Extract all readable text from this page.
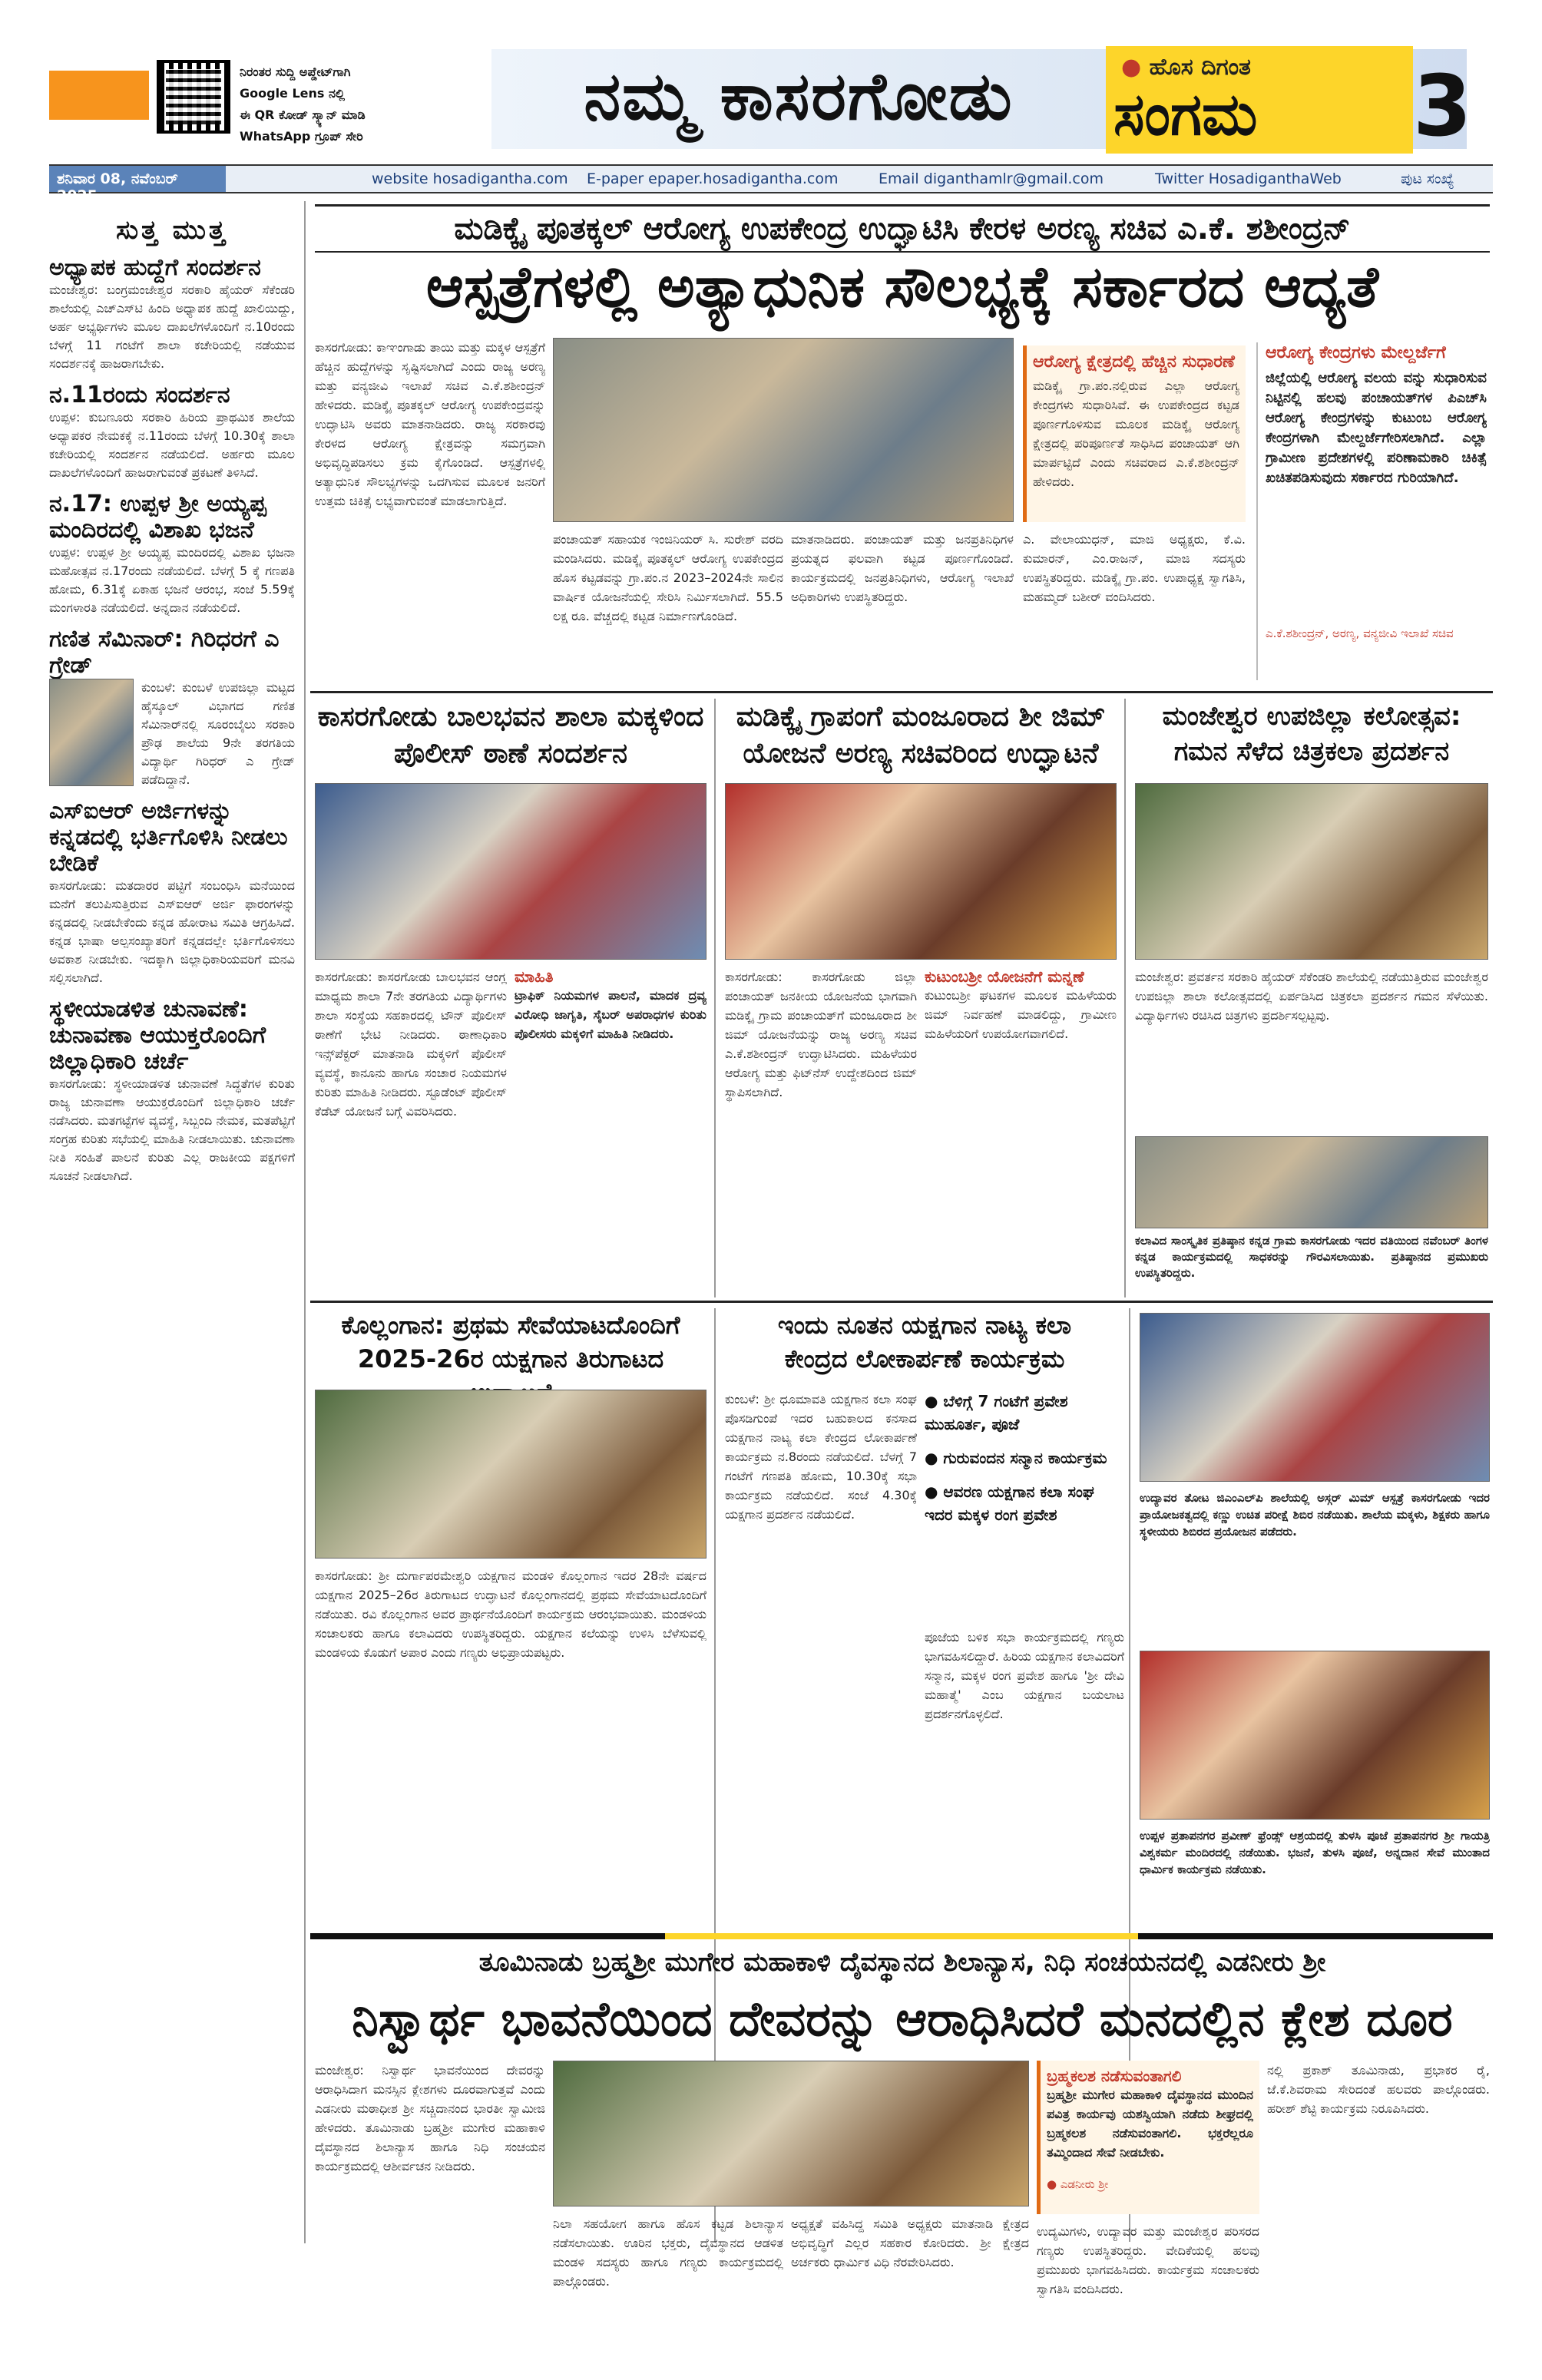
ನಿರಂತರ ಸುದ್ದಿ ಅಪ್ಡೇಟ್‌ಗಾಗಿ
Google Lens ನಲ್ಲಿ
ಈ QR ಕೋಡ್ ಸ್ಕ್ಯಾನ್ ಮಾಡಿ
WhatsApp ಗ್ರೂಪ್ ಸೇರಿ
ನಮ್ಮ ಕಾಸರಗೋಡು	● ಹೊಸ ದಿಗಂತ
ಸಂಗಮ 3
ಶನಿವಾರ 08, ನವೆಂಬರ್ 2025
website hosadigantha.com E-paper epaper.hosadigantha.com	Email diganthamlr@gmail.com	Twitter HosadiganthaWeb	ಪುಟ ಸಂಖ್ಯೆ
ಸುತ್ತ ಮುತ್ತ
ಅಧ್ಯಾಪಕ ಹುದ್ದೆಗೆ ಸಂದರ್ಶನ
ಮಂಜೇಶ್ವರ: ಬಂಗ್ರಮಂಜೇಶ್ವರ ಸರಕಾರಿ ಹೈಯರ್ ಸೆಕೆಂಡರಿ ಶಾಲೆಯಲ್ಲಿ ಎಚ್‌ಎಸ್‌ಟಿ ಹಿಂದಿ ಅಧ್ಯಾಪಕ ಹುದ್ದೆ ಖಾಲಿಯಿದ್ದು, ಅರ್ಹ ಅಭ್ಯರ್ಥಿಗಳು ಮೂಲ ದಾಖಲೆಗಳೊಂದಿಗೆ ನ.10ರಂದು ಬೆಳಗ್ಗೆ 11 ಗಂಟೆಗೆ ಶಾಲಾ ಕಚೇರಿಯಲ್ಲಿ ನಡೆಯುವ ಸಂದರ್ಶನಕ್ಕೆ ಹಾಜರಾಗಬೇಕು.
ನ.11ರಂದು ಸಂದರ್ಶನ
ಉಪ್ಪಳ: ಕುಬಣೂರು ಸರಕಾರಿ ಹಿರಿಯ ಪ್ರಾಥಮಿಕ ಶಾಲೆಯ ಅಧ್ಯಾಪಕರ ನೇಮಕಕ್ಕೆ ನ.11ರಂದು ಬೆಳಗ್ಗೆ 10.30ಕ್ಕೆ ಶಾಲಾ ಕಚೇರಿಯಲ್ಲಿ ಸಂದರ್ಶನ ನಡೆಯಲಿದೆ. ಅರ್ಹರು ಮೂಲ ದಾಖಲೆಗಳೊಂದಿಗೆ ಹಾಜರಾಗುವಂತೆ ಪ್ರಕಟಣೆ ತಿಳಿಸಿದೆ.
ನ.17: ಉಪ್ಪಳ ಶ್ರೀ ಅಯ್ಯಪ್ಪ ಮಂದಿರದಲ್ಲಿ ವಿಶಾಖ ಭಜನೆ
ಉಪ್ಪಳ: ಉಪ್ಪಳ ಶ್ರೀ ಅಯ್ಯಪ್ಪ ಮಂದಿರದಲ್ಲಿ ವಿಶಾಖ ಭಜನಾ ಮಹೋತ್ಸವ ನ.17ರಂದು ನಡೆಯಲಿದೆ. ಬೆಳಗ್ಗೆ 5 ಕ್ಕೆ ಗಣಪತಿ ಹೋಮ, 6.31ಕ್ಕೆ ಏಕಾಹ ಭಜನೆ ಆರಂಭ, ಸಂಜೆ 5.59ಕ್ಕೆ ಮಂಗಳಾರತಿ ನಡೆಯಲಿದೆ. ಅನ್ನದಾನ ನಡೆಯಲಿದೆ.
ಗಣಿತ ಸೆಮಿನಾರ್: ಗಿರಿಧರಗೆ ಎ ಗ್ರೇಡ್
ಕುಂಬಳೆ: ಕುಂಬಳೆ ಉಪಜಿಲ್ಲಾ ಮಟ್ಟದ ಹೈಸ್ಕೂಲ್ ವಿಭಾಗದ ಗಣಿತ ಸೆಮಿನಾರ್‌ನಲ್ಲಿ ಸೂರಂಬೈಲು ಸರಕಾರಿ ಪ್ರೌಢ ಶಾಲೆಯ 9ನೇ ತರಗತಿಯ ವಿದ್ಯಾರ್ಥಿ ಗಿರಿಧರ್ ಎ ಗ್ರೇಡ್ ಪಡೆದಿದ್ದಾನೆ.
ಎಸ್‌ಐಆರ್ ಅರ್ಜಿಗಳನ್ನು ಕನ್ನಡದಲ್ಲಿ ಭರ್ತಿಗೊಳಿಸಿ ನೀಡಲು ಬೇಡಿಕೆ
ಕಾಸರಗೋಡು: ಮತದಾರರ ಪಟ್ಟಿಗೆ ಸಂಬಂಧಿಸಿ ಮನೆಯಿಂದ ಮನೆಗೆ ತಲುಪಿಸುತ್ತಿರುವ ಎಸ್‌ಐಆರ್ ಅರ್ಜಿ ಫಾರಂಗಳನ್ನು ಕನ್ನಡದಲ್ಲಿ ನೀಡಬೇಕೆಂದು ಕನ್ನಡ ಹೋರಾಟ ಸಮಿತಿ ಆಗ್ರಹಿಸಿದೆ. ಕನ್ನಡ ಭಾಷಾ ಅಲ್ಪಸಂಖ್ಯಾತರಿಗೆ ಕನ್ನಡದಲ್ಲೇ ಭರ್ತಿಗೊಳಿಸಲು ಅವಕಾಶ ನೀಡಬೇಕು. ಇದಕ್ಕಾಗಿ ಜಿಲ್ಲಾಧಿಕಾರಿಯವರಿಗೆ ಮನವಿ ಸಲ್ಲಿಸಲಾಗಿದೆ.
ಸ್ಥಳೀಯಾಡಳಿತ ಚುನಾವಣೆ: ಚುನಾವಣಾ ಆಯುಕ್ತರೊಂದಿಗೆ ಜಿಲ್ಲಾಧಿಕಾರಿ ಚರ್ಚೆ
ಕಾಸರಗೋಡು: ಸ್ಥಳೀಯಾಡಳಿತ ಚುನಾವಣೆ ಸಿದ್ಧತೆಗಳ ಕುರಿತು ರಾಜ್ಯ ಚುನಾವಣಾ ಆಯುಕ್ತರೊಂದಿಗೆ ಜಿಲ್ಲಾಧಿಕಾರಿ ಚರ್ಚೆ ನಡೆಸಿದರು. ಮತಗಟ್ಟೆಗಳ ವ್ಯವಸ್ಥೆ, ಸಿಬ್ಬಂದಿ ನೇಮಕ, ಮತಪೆಟ್ಟಿಗೆ ಸಂಗ್ರಹ ಕುರಿತು ಸಭೆಯಲ್ಲಿ ಮಾಹಿತಿ ನೀಡಲಾಯಿತು. ಚುನಾವಣಾ ನೀತಿ ಸಂಹಿತೆ ಪಾಲನೆ ಕುರಿತು ಎಲ್ಲ ರಾಜಕೀಯ ಪಕ್ಷಗಳಿಗೆ ಸೂಚನೆ ನೀಡಲಾಗಿದೆ.
ಮಡಿಕ್ಕೈ ಪೂತಕ್ಕಲ್ ಆರೋಗ್ಯ ಉಪಕೇಂದ್ರ ಉದ್ಘಾಟಿಸಿ ಕೇರಳ ಅರಣ್ಯ ಸಚಿವ ಎ.ಕೆ. ಶಶೀಂದ್ರನ್
ಆಸ್ಪತ್ರೆಗಳಲ್ಲಿ ಅತ್ಯಾಧುನಿಕ ಸೌಲಭ್ಯಕ್ಕೆ ಸರ್ಕಾರದ ಆದ್ಯತೆ
ಕಾಸರಗೋಡು: ಕಾಞಂಗಾಡು ತಾಯಿ ಮತ್ತು ಮಕ್ಕಳ ಆಸ್ಪತ್ರೆಗೆ ಹೆಚ್ಚಿನ ಹುದ್ದೆಗಳನ್ನು ಸೃಷ್ಟಿಸಲಾಗಿದೆ ಎಂದು ರಾಜ್ಯ ಅರಣ್ಯ ಮತ್ತು ವನ್ಯಜೀವಿ ಇಲಾಖೆ ಸಚಿವ ಎ.ಕೆ.ಶಶೀಂದ್ರನ್ ಹೇಳಿದರು. ಮಡಿಕ್ಕೈ ಪೂತಕ್ಕಲ್ ಆರೋಗ್ಯ ಉಪಕೇಂದ್ರವನ್ನು ಉದ್ಘಾಟಿಸಿ ಅವರು ಮಾತನಾಡಿದರು. ರಾಜ್ಯ ಸರಕಾರವು ಕೇರಳದ ಆರೋಗ್ಯ ಕ್ಷೇತ್ರವನ್ನು ಸಮಗ್ರವಾಗಿ ಅಭಿವೃದ್ಧಿಪಡಿಸಲು ಕ್ರಮ ಕೈಗೊಂಡಿದೆ. ಆಸ್ಪತ್ರೆಗಳಲ್ಲಿ ಅತ್ಯಾಧುನಿಕ ಸೌಲಭ್ಯಗಳನ್ನು ಒದಗಿಸುವ ಮೂಲಕ ಜನರಿಗೆ ಉತ್ತಮ ಚಿಕಿತ್ಸೆ ಲಭ್ಯವಾಗುವಂತೆ ಮಾಡಲಾಗುತ್ತಿದೆ.
ಪಂಚಾಯತ್ ಸಹಾಯಕ ಇಂಜಿನಿಯರ್ ಸಿ. ಸುರೇಶ್ ವರದಿ ಮಂಡಿಸಿದರು. ಮಡಿಕ್ಕೈ ಪೂತಕ್ಕಲ್ ಆರೋಗ್ಯ ಉಪಕೇಂದ್ರದ ಹೊಸ ಕಟ್ಟಡವನ್ನು ಗ್ರಾ.ಪಂ.ನ 2023–2024ನೇ ಸಾಲಿನ ವಾರ್ಷಿಕ ಯೋಜನೆಯಲ್ಲಿ ಸೇರಿಸಿ ನಿರ್ಮಿಸಲಾಗಿದೆ. 55.5 ಲಕ್ಷ ರೂ. ವೆಚ್ಚದಲ್ಲಿ ಕಟ್ಟಡ ನಿರ್ಮಾಣಗೊಂಡಿದೆ.
ಮಾತನಾಡಿದರು. ಪಂಚಾಯತ್ ಮತ್ತು ಜನಪ್ರತಿನಿಧಿಗಳ ಪ್ರಯತ್ನದ ಫಲವಾಗಿ ಕಟ್ಟಡ ಪೂರ್ಣಗೊಂಡಿದೆ. ಕಾರ್ಯಕ್ರಮದಲ್ಲಿ ಜನಪ್ರತಿನಿಧಿಗಳು, ಆರೋಗ್ಯ ಇಲಾಖೆ ಅಧಿಕಾರಿಗಳು ಉಪಸ್ಥಿತರಿದ್ದರು.
ಆರೋಗ್ಯ ಕ್ಷೇತ್ರದಲ್ಲಿ ಹೆಚ್ಚಿನ ಸುಧಾರಣೆ
ಮಡಿಕ್ಕೈ ಗ್ರಾ.ಪಂ.ನಲ್ಲಿರುವ ಎಲ್ಲಾ ಆರೋಗ್ಯ ಕೇಂದ್ರಗಳು ಸುಧಾರಿಸಿವೆ. ಈ ಉಪಕೇಂದ್ರದ ಕಟ್ಟಡ ಪೂರ್ಣಗೊಳಿಸುವ ಮೂಲಕ ಮಡಿಕ್ಕೈ ಆರೋಗ್ಯ ಕ್ಷೇತ್ರದಲ್ಲಿ ಪರಿಪೂರ್ಣತೆ ಸಾಧಿಸಿದ ಪಂಚಾಯತ್ ಆಗಿ ಮಾರ್ಪಟ್ಟಿದೆ ಎಂದು ಸಚಿವರಾದ ಎ.ಕೆ.ಶಶೀಂದ್ರನ್ ಹೇಳಿದರು.
ಎ. ವೇಲಾಯುಧನ್, ಮಾಜಿ ಅಧ್ಯಕ್ಷರು, ಕೆ.ವಿ. ಕುಮಾರನ್, ಎಂ.ರಾಜನ್, ಮಾಜಿ ಸದಸ್ಯರು ಉಪಸ್ಥಿತರಿದ್ದರು. ಮಡಿಕ್ಕೈ ಗ್ರಾ.ಪಂ. ಉಪಾಧ್ಯಕ್ಷ ಸ್ವಾಗತಿಸಿ, ಮಹಮ್ಮದ್ ಬಶೀರ್ ವಂದಿಸಿದರು.
ಆರೋಗ್ಯ ಕೇಂದ್ರಗಳು ಮೇಲ್ದರ್ಜೆಗೆ
ಜಿಲ್ಲೆಯಲ್ಲಿ ಆರೋಗ್ಯ ವಲಯ ವನ್ನು ಸುಧಾರಿಸುವ ನಿಟ್ಟಿನಲ್ಲಿ ಹಲವು ಪಂಚಾಯತ್‌ಗಳ ಪಿಎಚ್‌ಸಿ ಆರೋಗ್ಯ ಕೇಂದ್ರಗಳನ್ನು ಕುಟುಂಬ ಆರೋಗ್ಯ ಕೇಂದ್ರಗಳಾಗಿ ಮೇಲ್ದರ್ಜೆಗೇರಿಸಲಾಗಿದೆ. ಎಲ್ಲಾ ಗ್ರಾಮೀಣ ಪ್ರದೇಶಗಳಲ್ಲಿ ಪರಿಣಾಮಕಾರಿ ಚಿಕಿತ್ಸೆ ಖಚಿತಪಡಿಸುವುದು ಸರ್ಕಾರದ ಗುರಿಯಾಗಿದೆ.
ಎ.ಕೆ.ಶಶೀಂದ್ರನ್, ಅರಣ್ಯ, ವನ್ಯಜೀವಿ ಇಲಾಖೆ ಸಚಿವ
ಕಾಸರಗೋಡು ಬಾಲಭವನ ಶಾಲಾ ಮಕ್ಕಳಿಂದ ಪೊಲೀಸ್ ಠಾಣೆ ಸಂದರ್ಶನ
ಕಾಸರಗೋಡು: ಕಾಸರಗೋಡು ಬಾಲಭವನ ಆಂಗ್ಲ ಮಾಧ್ಯಮ ಶಾಲಾ 7ನೇ ತರಗತಿಯ ವಿದ್ಯಾರ್ಥಿಗಳು ಶಾಲಾ ಸಂಸ್ಥೆಯ ಸಹಕಾರದಲ್ಲಿ ಟೌನ್ ಪೊಲೀಸ್ ಠಾಣೆಗೆ ಭೇಟಿ ನೀಡಿದರು. ಠಾಣಾಧಿಕಾರಿ ಇನ್ಸ್‌ಪೆಕ್ಟರ್ ಮಾತನಾಡಿ ಮಕ್ಕಳಿಗೆ ಪೊಲೀಸ್ ವ್ಯವಸ್ಥೆ, ಕಾನೂನು ಹಾಗೂ ಸಂಚಾರ ನಿಯಮಗಳ ಕುರಿತು ಮಾಹಿತಿ ನೀಡಿದರು. ಸ್ಟೂಡೆಂಟ್ ಪೊಲೀಸ್ ಕೆಡೆಟ್ ಯೋಜನೆ ಬಗ್ಗೆ ವಿವರಿಸಿದರು.
ಮಾಹಿತಿ
ಟ್ರಾಫಿಕ್ ನಿಯಮಗಳ ಪಾಲನೆ, ಮಾದಕ ದ್ರವ್ಯ ವಿರೋಧಿ ಜಾಗೃತಿ, ಸೈಬರ್ ಅಪರಾಧಗಳ ಕುರಿತು ಪೊಲೀಸರು ಮಕ್ಕಳಿಗೆ ಮಾಹಿತಿ ನೀಡಿದರು.
ಮಡಿಕ್ಕೈ ಗ್ರಾಪಂಗೆ ಮಂಜೂರಾದ ಶೀ ಜಿಮ್ ಯೋಜನೆ ಅರಣ್ಯ ಸಚಿವರಿಂದ ಉದ್ಘಾಟನೆ
ಕಾಸರಗೋಡು: ಕಾಸರಗೋಡು ಜಿಲ್ಲಾ ಪಂಚಾಯತ್ ಜನಕೀಯ ಯೋಜನೆಯ ಭಾಗವಾಗಿ ಮಡಿಕ್ಕೈ ಗ್ರಾಮ ಪಂಚಾಯತ್‌ಗೆ ಮಂಜೂರಾದ ಶೀ ಜಿಮ್ ಯೋಜನೆಯನ್ನು ರಾಜ್ಯ ಅರಣ್ಯ ಸಚಿವ ಎ.ಕೆ.ಶಶೀಂದ್ರನ್ ಉದ್ಘಾಟಿಸಿದರು. ಮಹಿಳೆಯರ ಆರೋಗ್ಯ ಮತ್ತು ಫಿಟ್‌ನೆಸ್ ಉದ್ದೇಶದಿಂದ ಜಿಮ್ ಸ್ಥಾಪಿಸಲಾಗಿದೆ.
ಕುಟುಂಬಶ್ರೀ ಯೋಜನೆಗೆ ಮನ್ನಣೆ
ಕುಟುಂಬಶ್ರೀ ಘಟಕಗಳ ಮೂಲಕ ಮಹಿಳೆಯರು ಜಿಮ್ ನಿರ್ವಹಣೆ ಮಾಡಲಿದ್ದು, ಗ್ರಾಮೀಣ ಮಹಿಳೆಯರಿಗೆ ಉಪಯೋಗವಾಗಲಿದೆ.
ಮಂಜೇಶ್ವರ ಉಪಜಿಲ್ಲಾ ಕಲೋತ್ಸವ: ಗಮನ ಸೆಳೆದ ಚಿತ್ರಕಲಾ ಪ್ರದರ್ಶನ
ಮಂಜೇಶ್ವರ: ಪ್ರವರ್ತನ ಸರಕಾರಿ ಹೈಯರ್ ಸೆಕೆಂಡರಿ ಶಾಲೆಯಲ್ಲಿ ನಡೆಯುತ್ತಿರುವ ಮಂಜೇಶ್ವರ ಉಪಜಿಲ್ಲಾ ಶಾಲಾ ಕಲೋತ್ಸವದಲ್ಲಿ ಏರ್ಪಡಿಸಿದ ಚಿತ್ರಕಲಾ ಪ್ರದರ್ಶನ ಗಮನ ಸೆಳೆಯಿತು. ವಿದ್ಯಾರ್ಥಿಗಳು ರಚಿಸಿದ ಚಿತ್ರಗಳು ಪ್ರದರ್ಶಿಸಲ್ಪಟ್ಟವು.
ಕಲಾವಿದ ಸಾಂಸ್ಕೃತಿಕ ಪ್ರತಿಷ್ಠಾನ ಕನ್ನಡ ಗ್ರಾಮ ಕಾಸರಗೋಡು ಇದರ ವತಿಯಿಂದ ನವೆಂಬರ್ ತಿಂಗಳ ಕನ್ನಡ ಕಾರ್ಯಕ್ರಮದಲ್ಲಿ ಸಾಧಕರನ್ನು ಗೌರವಿಸಲಾಯಿತು. ಪ್ರತಿಷ್ಠಾನದ ಪ್ರಮುಖರು ಉಪಸ್ಥಿತರಿದ್ದರು.
ಕೊಲ್ಲಂಗಾನ: ಪ್ರಥಮ ಸೇವೆಯಾಟದೊಂದಿಗೆ
2025-26ರ ಯಕ್ಷಗಾನ ತಿರುಗಾಟದ
ಕಾಸರಗೋಡು: ಶ್ರೀ ದುರ್ಗಾಪರಮೇಶ್ವರಿ ಯಕ್ಷಗಾನ ಮಂಡಳಿ ಕೊಲ್ಲಂಗಾನ ಇದರ 28ನೇ ವರ್ಷದ ಯಕ್ಷಗಾನ 2025–26ರ ತಿರುಗಾಟದ ಉದ್ಘಾಟನೆ ಕೊಲ್ಲಂಗಾನದಲ್ಲಿ ಪ್ರಥಮ ಸೇವೆಯಾಟದೊಂದಿಗೆ ನಡೆಯಿತು. ರವಿ ಕೊಲ್ಲಂಗಾನ ಅವರ ಪ್ರಾರ್ಥನೆಯೊಂದಿಗೆ ಕಾರ್ಯಕ್ರಮ ಆರಂಭವಾಯಿತು. ಮಂಡಳಿಯ ಸಂಚಾಲಕರು ಹಾಗೂ ಕಲಾವಿದರು ಉಪಸ್ಥಿತರಿದ್ದರು. ಯಕ್ಷಗಾನ ಕಲೆಯನ್ನು ಉಳಿಸಿ ಬೆಳೆಸುವಲ್ಲಿ ಮಂಡಳಿಯ ಕೊಡುಗೆ ಅಪಾರ ಎಂದು ಗಣ್ಯರು ಅಭಿಪ್ರಾಯಪಟ್ಟರು.
ಇಂದು ನೂತನ ಯಕ್ಷಗಾನ ನಾಟ್ಯ ಕಲಾ
ಕೇಂದ್ರದ ಲೋಕಾರ್ಪಣೆ ಕಾರ್ಯಕ್ರಮ
ಕುಂಬಳೆ: ಶ್ರೀ ಧೂಮಾವತಿ ಯಕ್ಷಗಾನ ಕಲಾ ಸಂಘ ಪೊಸಡಿಗುಂಪೆ ಇದರ ಬಹುಕಾಲದ ಕನಸಾದ ಯಕ್ಷಗಾನ ನಾಟ್ಯ ಕಲಾ ಕೇಂದ್ರದ ಲೋಕಾರ್ಪಣೆ ಕಾರ್ಯಕ್ರಮ ನ.8ರಂದು ನಡೆಯಲಿದೆ. ಬೆಳಗ್ಗೆ 7 ಗಂಟೆಗೆ ಗಣಪತಿ ಹೋಮ, 10.30ಕ್ಕೆ ಸಭಾ ಕಾರ್ಯಕ್ರಮ ನಡೆಯಲಿದೆ. ಸಂಜೆ 4.30ಕ್ಕೆ ಯಕ್ಷಗಾನ ಪ್ರದರ್ಶನ ನಡೆಯಲಿದೆ.
● ಬೆಳಿಗ್ಗೆ 7 ಗಂಟೆಗೆ ಪ್ರವೇಶ ಮುಹೂರ್ತ, ಪೂಜೆ
● ಗುರುವಂದನ ಸನ್ಮಾನ ಕಾರ್ಯಕ್ರಮ
● ಆವರಣ ಯಕ್ಷಗಾನ ಕಲಾ ಸಂಘ ಇದರ ಮಕ್ಕಳ ರಂಗ ಪ್ರವೇಶ
ಪೂಜೆಯ ಬಳಿಕ ಸಭಾ ಕಾರ್ಯಕ್ರಮದಲ್ಲಿ ಗಣ್ಯರು ಭಾಗವಹಿಸಲಿದ್ದಾರೆ. ಹಿರಿಯ ಯಕ್ಷಗಾನ ಕಲಾವಿದರಿಗೆ ಸನ್ಮಾನ, ಮಕ್ಕಳ ರಂಗ ಪ್ರವೇಶ ಹಾಗೂ 'ಶ್ರೀ ದೇವಿ ಮಹಾತ್ಮೆ' ಎಂಬ ಯಕ್ಷಗಾನ ಬಯಲಾಟ ಪ್ರದರ್ಶನಗೊಳ್ಳಲಿದೆ.
ಉದ್ಯಾವರ ತೋಟ ಜಿಎಂಎಲ್‌ಪಿ ಶಾಲೆಯಲ್ಲಿ ಅಸ್ಗರ್ ಮಿಮ್ ಆಸ್ಪತ್ರೆ ಕಾಸರಗೋಡು ಇದರ ಪ್ರಾಯೋಜಕತ್ವದಲ್ಲಿ ಕಣ್ಣು ಉಚಿತ ಪರೀಕ್ಷೆ ಶಿಬಿರ ನಡೆಯಿತು. ಶಾಲೆಯ ಮಕ್ಕಳು, ಶಿಕ್ಷಕರು ಹಾಗೂ ಸ್ಥಳೀಯರು ಶಿಬಿರದ ಪ್ರಯೋಜನ ಪಡೆದರು.
ಉಪ್ಪಳ ಪ್ರತಾಪನಗರ ಪ್ರವೀಣ್ ಫ್ರೆಂಡ್ಸ್ ಆಶ್ರಯದಲ್ಲಿ ತುಳಸಿ ಪೂಜೆ ಪ್ರತಾಪನಗರ ಶ್ರೀ ಗಾಯತ್ರಿ ವಿಶ್ವಕರ್ಮ ಮಂದಿರದಲ್ಲಿ ನಡೆಯಿತು. ಭಜನೆ, ತುಳಸಿ ಪೂಜೆ, ಅನ್ನದಾನ ಸೇವೆ ಮುಂತಾದ ಧಾರ್ಮಿಕ ಕಾರ್ಯಕ್ರಮ ನಡೆಯಿತು.
ತೂಮಿನಾಡು ಬ್ರಹ್ಮಶ್ರೀ ಮುಗೇರ ಮಹಾಕಾಳಿ ದೈವಸ್ಥಾನದ ಶಿಲಾನ್ಯಾಸ, ನಿಧಿ ಸಂಚಯನದಲ್ಲಿ ಎಡನೀರು ಶ್ರೀ
ನಿಸ್ವಾರ್ಥ ಭಾವನೆಯಿಂದ ದೇವರನ್ನು ಆರಾಧಿಸಿದರೆ ಮನದಲ್ಲಿನ ಕ್ಲೇಶ ದೂರ
ಮಂಜೇಶ್ವರ: ನಿಸ್ವಾರ್ಥ ಭಾವನೆಯಿಂದ ದೇವರನ್ನು ಆರಾಧಿಸಿದಾಗ ಮನಸ್ಸಿನ ಕ್ಲೇಶಗಳು ದೂರವಾಗುತ್ತವೆ ಎಂದು ಎಡನೀರು ಮಠಾಧೀಶ ಶ್ರೀ ಸಚ್ಚಿದಾನಂದ ಭಾರತೀ ಸ್ವಾಮೀಜಿ ಹೇಳಿದರು. ತೂಮಿನಾಡು ಬ್ರಹ್ಮಶ್ರೀ ಮುಗೇರ ಮಹಾಕಾಳಿ ದೈವಸ್ಥಾನದ ಶಿಲಾನ್ಯಾಸ ಹಾಗೂ ನಿಧಿ ಸಂಚಯನ ಕಾರ್ಯಕ್ರಮದಲ್ಲಿ ಆಶೀರ್ವಚನ ನೀಡಿದರು.
ನಿಲಾ ಸಹಯೋಗ ಹಾಗೂ ಹೊಸ ಕಟ್ಟಡ ಶಿಲಾನ್ಯಾಸ ನಡೆಸಲಾಯಿತು. ಊರಿನ ಭಕ್ತರು, ದೈವಸ್ಥಾನದ ಆಡಳಿತ ಮಂಡಳಿ ಸದಸ್ಯರು ಹಾಗೂ ಗಣ್ಯರು ಕಾರ್ಯಕ್ರಮದಲ್ಲಿ ಪಾಲ್ಗೊಂಡರು.
ಅಧ್ಯಕ್ಷತೆ ವಹಿಸಿದ್ದ ಸಮಿತಿ ಅಧ್ಯಕ್ಷರು ಮಾತನಾಡಿ ಕ್ಷೇತ್ರದ ಅಭಿವೃದ್ಧಿಗೆ ಎಲ್ಲರ ಸಹಕಾರ ಕೋರಿದರು. ಶ್ರೀ ಕ್ಷೇತ್ರದ ಅರ್ಚಕರು ಧಾರ್ಮಿಕ ವಿಧಿ ನೆರವೇರಿಸಿದರು.
ಬ್ರಹ್ಮಕಲಶ ನಡೆಸುವಂತಾಗಲಿ
ಬ್ರಹ್ಮಶ್ರೀ ಮುಗೇರ ಮಹಾಕಾಳಿ ದೈವಸ್ಥಾನದ ಮುಂದಿನ ಪವಿತ್ರ ಕಾರ್ಯವು ಯಶಸ್ವಿಯಾಗಿ ನಡೆದು ಶೀಘ್ರದಲ್ಲಿ ಬ್ರಹ್ಮಕಲಶ ನಡೆಸುವಂತಾಗಲಿ. ಭಕ್ತರೆಲ್ಲರೂ ತಮ್ಮಿಂದಾದ ಸೇವೆ ನೀಡಬೇಕು.
● ಎಡನೀರು ಶ್ರೀ
ಉದ್ಯಮಿಗಳು, ಉದ್ಯಾವರ ಮತ್ತು ಮಂಜೇಶ್ವರ ಪರಿಸರದ ಗಣ್ಯರು ಉಪಸ್ಥಿತರಿದ್ದರು. ವೇದಿಕೆಯಲ್ಲಿ ಹಲವು ಪ್ರಮುಖರು ಭಾಗವಹಿಸಿದರು. ಕಾರ್ಯಕ್ರಮ ಸಂಚಾಲಕರು ಸ್ವಾಗತಿಸಿ ವಂದಿಸಿದರು.
ನಲ್ಲಿ ಪ್ರಕಾಶ್ ತೂಮಿನಾಡು, ಪ್ರಭಾಕರ ರೈ, ಜೆ.ಕೆ.ಶಿವರಾಮ ಸೇರಿದಂತೆ ಹಲವರು ಪಾಲ್ಗೊಂಡರು. ಹರೀಶ್ ಶೆಟ್ಟಿ ಕಾರ್ಯಕ್ರಮ ನಿರೂಪಿಸಿದರು.
